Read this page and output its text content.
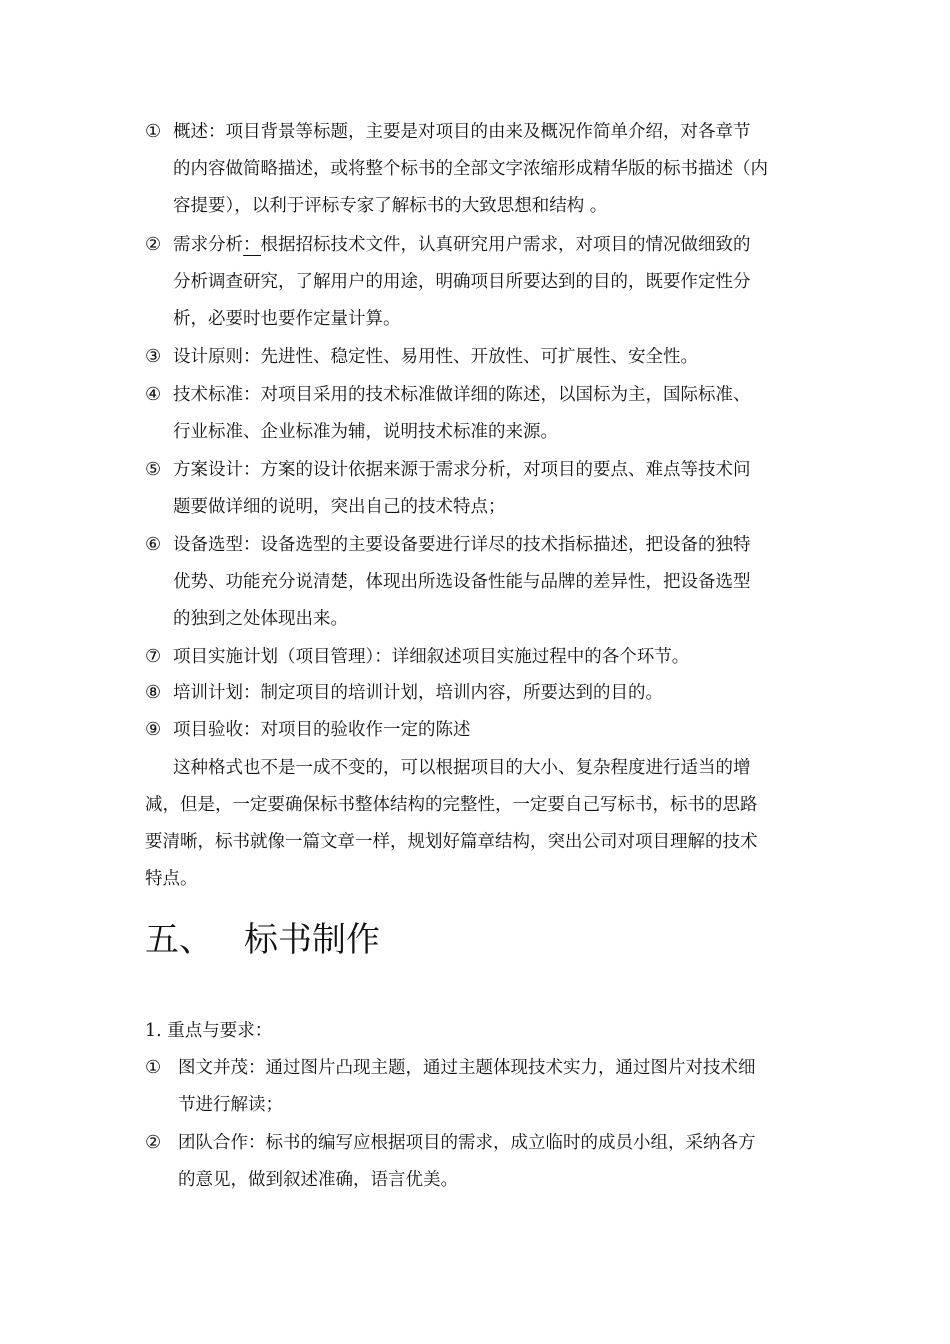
① 概述：项目背景等标题，主要是对项目的由来及概况作简单介绍，对各章节
的内容做简略描述，或将整个标书的全部文字浓缩形成精华版的标书描述（内
容提要），以利于评标专家了解标书的大致思想和结构 。
② 需求分析：根据招标技术文件，认真研究用户需求，对项目的情况做细致的
分析调查研究，了解用户的用途，明确项目所要达到的目的，既要作定性分
析，必要时也要作定量计算。
③ 设计原则：先进性、稳定性、易用性、开放性、可扩展性、安全性。
④ 技术标准：对项目采用的技术标准做详细的陈述，以国标为主，国际标准、
行业标准、企业标准为辅，说明技术标准的来源。
⑤ 方案设计：方案的设计依据来源于需求分析，对项目的要点、难点等技术问
题要做详细的说明，突出自己的技术特点；
⑥ 设备选型：设备选型的主要设备要进行详尽的技术指标描述，把设备的独特
优势、功能充分说清楚，体现出所选设备性能与品牌的差异性，把设备选型
的独到之处体现出来。
⑦ 项目实施计划（项目管理）：详细叙述项目实施过程中的各个环节。
⑧ 培训计划：制定项目的培训计划，培训内容，所要达到的目的。
⑨ 项目验收：对项目的验收作一定的陈述
这种格式也不是一成不变的，可以根据项目的大小、复杂程度进行适当的增
减，但是，一定要确保标书整体结构的完整性，一定要自己写标书，标书的思路
要清晰，标书就像一篇文章一样，规划好篇章结构，突出公司对项目理解的技术
特点。
五、 标书制作
1. 重点与要求：
① 图文并茂：通过图片凸现主题，通过主题体现技术实力，通过图片对技术细
节进行解读；
② 团队合作：标书的编写应根据项目的需求，成立临时的成员小组，采纳各方
的意见，做到叙述准确，语言优美。
